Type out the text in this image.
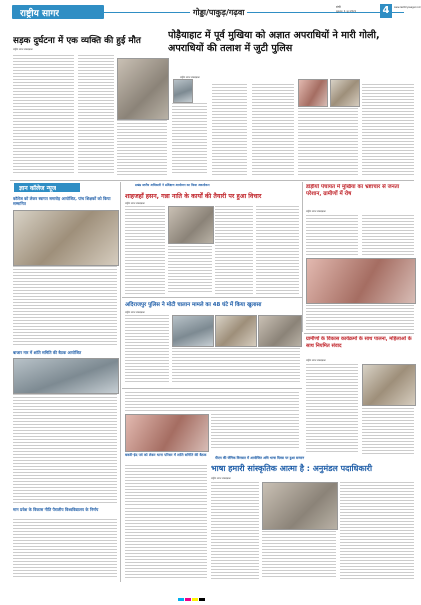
राष्ट्रीय सागर	गोड्डा/पाकुड़/गढ़वा
रांची
शुक्रवार, 4 जून 2021	4	www.rashtriyasagar.com
सड़क दुर्घटना में एक व्यक्ति की हुई मौत
राष्ट्रीय सागर संवाददाता
पोड़ैयाहाट में पूर्व मुखिया को अज्ञात अपराधियों ने मारी गोली, अपराधियों की तलाश में जुटी पुलिस
राष्ट्रीय सागर संवाददाता
ज्ञान कॉलेज न्यूज
कॉलेज को लेकर स्वागत समारोह आयोजित, पांच शिक्षकों को किया सम्मानित
बाजार मार में शांति समिति की बैठक आयोजित
मान प्रवेश के विकास नीति पैरालीय विश्वविद्यालय के निर्णय
प्रखंड स्तरीय अधिकारी ने प्रशिक्षण आयोजन का किया अवलोकन
शाहजहाँ हसन, गन्ना नाति के कार्यों की तैयारी पर हुआ विचार
राष्ट्रीय सागर संवाददाता
डांड़ीयो पंचायत में मुखिया का भ्रष्टाचार से जनता परेशान, ग्रामीणों में रोष
राष्ट्रीय सागर संवाददाता
अदिराजपुर पुलिस ने मोटी चालान मामले का 48 घंटे में किया खुलासा
राष्ट्रीय सागर संवाददाता
ग्रामीणों के विकास कार्यक्रमों के साथ पालना, महिलाओं के साथ नियमित संवाद
राष्ट्रीय सागर संवाददाता
बकरी-ईद पर्व को लेकर थाना परिसर में शांति समिति की बैठक
पीएम की जैनिक विरासत में आयोजित अधि भाषा दिवस पर हुआ सम्मान
भाषा हमारी सांस्कृतिक आत्मा है : अनुमंडल पदाधिकारी
राष्ट्रीय सागर संवाददाता
